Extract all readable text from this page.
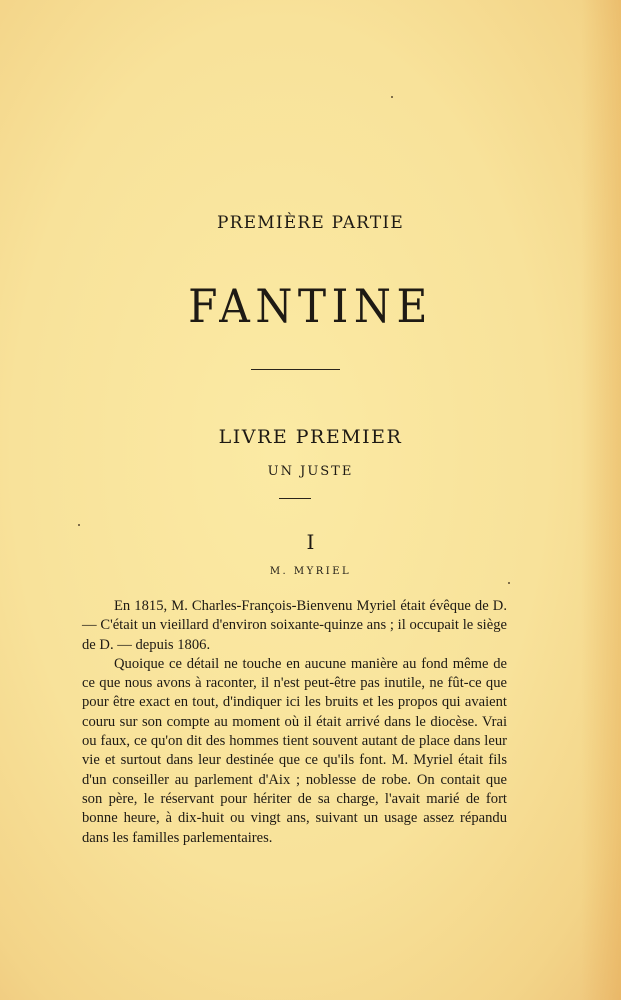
PREMIÈRE PARTIE
FANTINE
LIVRE PREMIER
UN JUSTE
I
M. MYRIEL

En 1815, M. Charles-François-Bienvenu Myriel était évêque de D. — C'était un vieillard d'environ soixante-quinze ans ; il occupait le siège de D. — depuis 1806.

Quoique ce détail ne touche en aucune manière au fond même de ce que nous avons à raconter, il n'est peut-être pas inutile, ne fût-ce que pour être exact en tout, d'indiquer ici les bruits et les propos qui avaient couru sur son compte au moment où il était arrivé dans le diocèse. Vrai ou faux, ce qu'on dit des hommes tient souvent autant de place dans leur vie et surtout dans leur destinée que ce qu'ils font. M. Myriel était fils d'un conseiller au parlement d'Aix ; noblesse de robe. On contait que son père, le réservant pour hériter de sa charge, l'avait marié de fort bonne heure, à dix-huit ou vingt ans, suivant un usage assez répandu dans les familles parlementaires.
